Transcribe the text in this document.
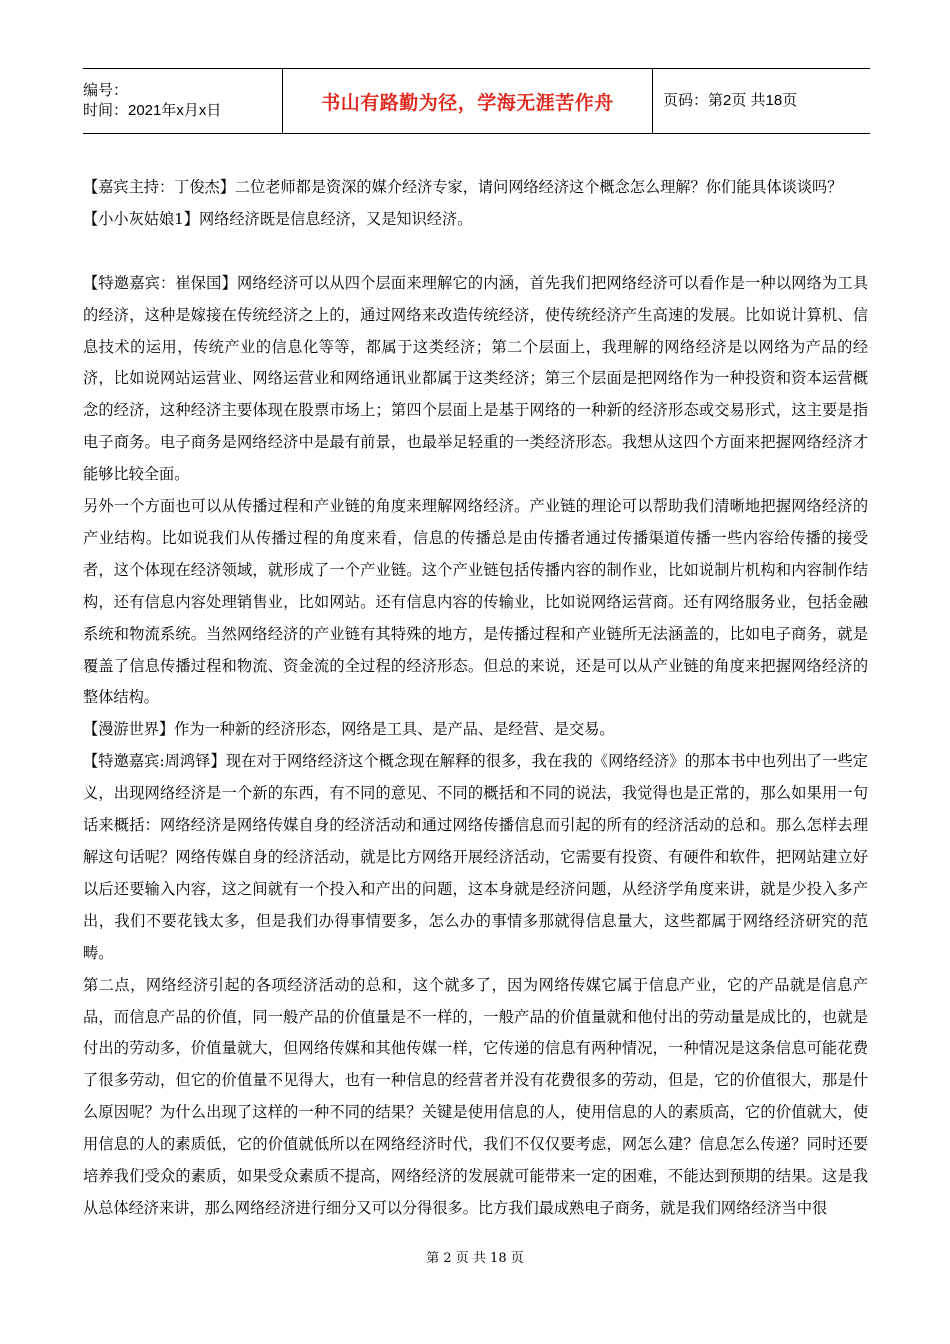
编号：
时间：2021年x月x日	书山有路勤为径，学海无涯苦作舟	页码：第2页 共18页

【嘉宾主持：丁俊杰】二位老师都是资深的媒介经济专家，请问网络经济这个概念怎么理解？你们能具体谈谈吗？

【小小灰姑娘1】网络经济既是信息经济，又是知识经济。

【特邀嘉宾：崔保国】网络经济可以从四个层面来理解它的内涵，首先我们把网络经济可以看作是一种以网络为工具的经济，这种是嫁接在传统经济之上的，通过网络来改造传统经济，使传统经济产生高速的发展。比如说计算机、信息技术的运用，传统产业的信息化等等，都属于这类经济；第二个层面上，我理解的网络经济是以网络为产品的经济，比如说网站运营业、网络运营业和网络通讯业都属于这类经济；第三个层面是把网络作为一种投资和资本运营概念的经济，这种经济主要体现在股票市场上；第四个层面上是基于网络的一种新的经济形态或交易形式，这主要是指电子商务。电子商务是网络经济中是最有前景，也最举足轻重的一类经济形态。我想从这四个方面来把握网络经济才能够比较全面。

另外一个方面也可以从传播过程和产业链的角度来理解网络经济。产业链的理论可以帮助我们清晰地把握网络经济的产业结构。比如说我们从传播过程的角度来看，信息的传播总是由传播者通过传播渠道传播一些内容给传播的接受者，这个体现在经济领域，就形成了一个产业链。这个产业链包括传播内容的制作业，比如说制片机构和内容制作结构，还有信息内容处理销售业，比如网站。还有信息内容的传输业，比如说网络运营商。还有网络服务业，包括金融系统和物流系统。当然网络经济的产业链有其特殊的地方，是传播过程和产业链所无法涵盖的，比如电子商务，就是覆盖了信息传播过程和物流、资金流的全过程的经济形态。但总的来说，还是可以从产业链的角度来把握网络经济的整体结构。

【漫游世界】作为一种新的经济形态，网络是工具、是产品、是经营、是交易。

【特邀嘉宾:周鸿铎】现在对于网络经济这个概念现在解释的很多，我在我的《网络经济》的那本书中也列出了一些定义，出现网络经济是一个新的东西，有不同的意见、不同的概括和不同的说法，我觉得也是正常的，那么如果用一句话来概括：网络经济是网络传媒自身的经济活动和通过网络传播信息而引起的所有的经济活动的总和。那么怎样去理解这句话呢？网络传媒自身的经济活动，就是比方网络开展经济活动，它需要有投资、有硬件和软件，把网站建立好以后还要输入内容，这之间就有一个投入和产出的问题，这本身就是经济问题，从经济学角度来讲，就是少投入多产出，我们不要花钱太多，但是我们办得事情要多，怎么办的事情多那就得信息量大，这些都属于网络经济研究的范畴。

第二点，网络经济引起的各项经济活动的总和，这个就多了，因为网络传媒它属于信息产业，它的产品就是信息产品，而信息产品的价值，同一般产品的价值量是不一样的，一般产品的价值量就和他付出的劳动量是成比的，也就是付出的劳动多，价值量就大，但网络传媒和其他传媒一样，它传递的信息有两种情况，一种情况是这条信息可能花费了很多劳动，但它的价值量不见得大，也有一种信息的经营者并没有花费很多的劳动，但是，它的价值很大，那是什么原因呢？为什么出现了这样的一种不同的结果？关键是使用信息的人，使用信息的人的素质高，它的价值就大，使用信息的人的素质低，它的价值就低所以在网络经济时代，我们不仅仅要考虑，网怎么建？信息怎么传递？同时还要培养我们受众的素质，如果受众素质不提高，网络经济的发展就可能带来一定的困难，不能达到预期的结果。这是我从总体经济来讲，那么网络经济进行细分又可以分得很多。比方我们最成熟电子商务，就是我们网络经济当中很

第 2 页 共 18 页
